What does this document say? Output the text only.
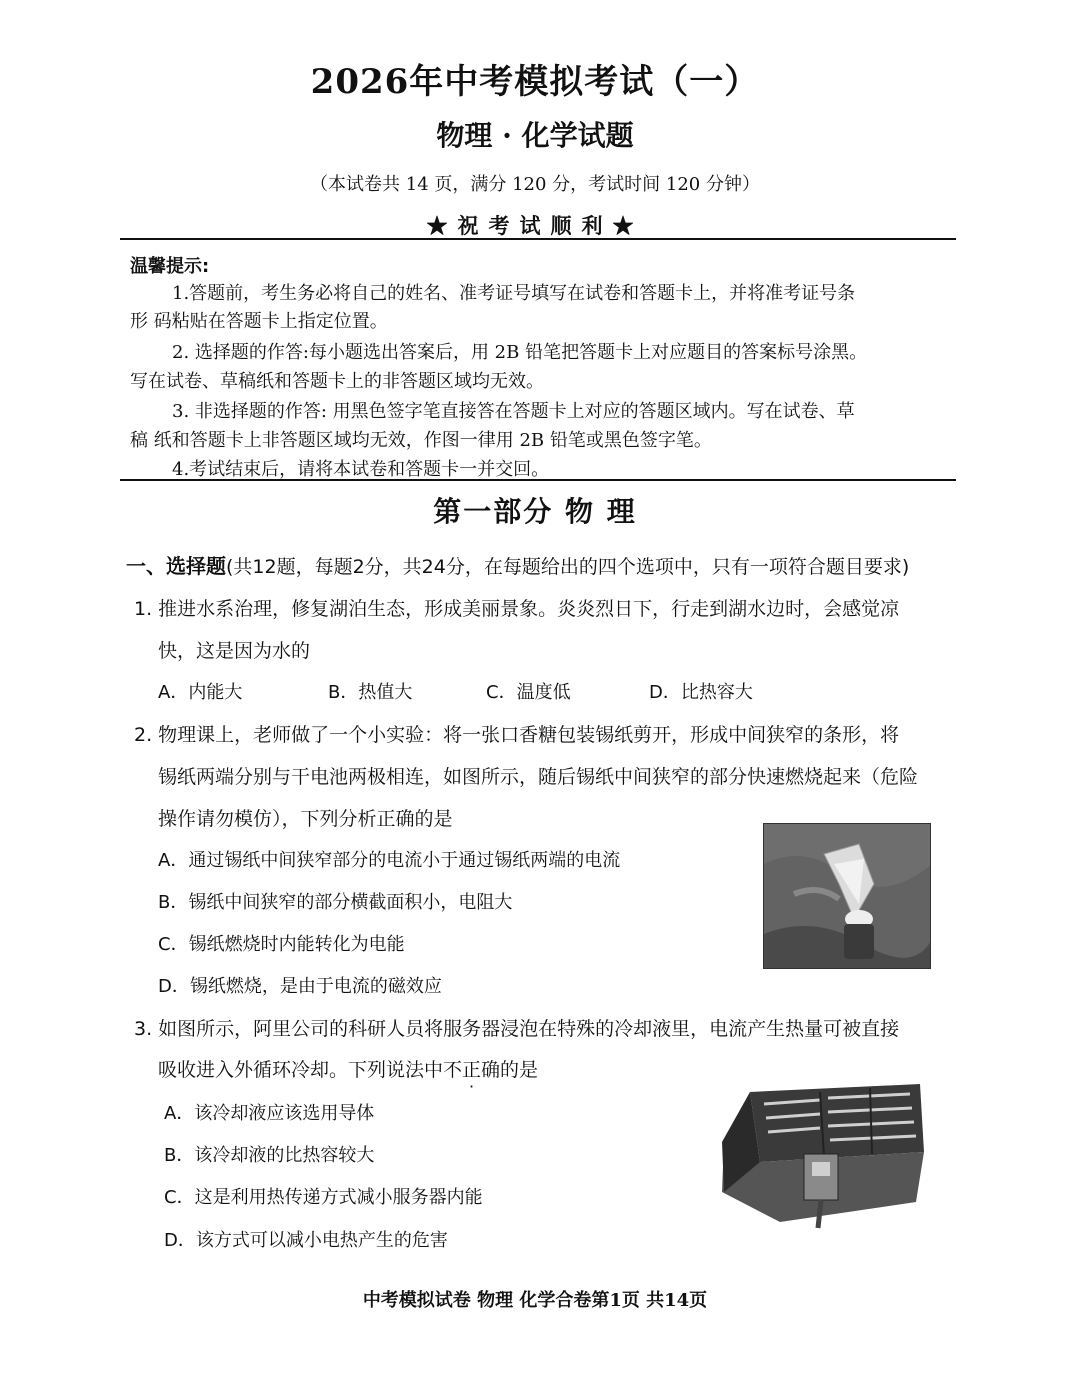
2026年中考模拟考试（一）
物理 · 化学试题
（本试卷共 14 页，满分 120 分，考试时间 120 分钟）
★祝考试顺利★
温馨提示:
1.答题前，考生务必将自己的姓名、准考证号填写在试卷和答题卡上，并将准考证号条
形 码粘贴在答题卡上指定位置。
2. 选择题的作答:每小题选出答案后，用 2B 铅笔把答题卡上对应题目的答案标号涂黑。
写在试卷、草稿纸和答题卡上的非答题区域均无效。
3. 非选择题的作答: 用黑色签字笔直接答在答题卡上对应的答题区域内。写在试卷、草
稿 纸和答题卡上非答题区域均无效，作图一律用 2B 铅笔或黑色签字笔。
4.考试结束后，请将本试卷和答题卡一并交回。
第一部分 物 理
一、选择题(共12题，每题2分，共24分，在每题给出的四个选项中，只有一项符合题目要求)
1. 推进水系治理，修复湖泊生态，形成美丽景象。炎炎烈日下，行走到湖水边时，会感觉凉
快，这是因为水的
A．内能大	B．热值大	C．温度低	D．比热容大
2. 物理课上，老师做了一个小实验：将一张口香糖包装锡纸剪开，形成中间狭窄的条形，将
锡纸两端分别与干电池两极相连，如图所示，随后锡纸中间狭窄的部分快速燃烧起来（危险
操作请勿模仿），下列分析正确的是
A．通过锡纸中间狭窄部分的电流小于通过锡纸两端的电流
B．锡纸中间狭窄的部分横截面积小，电阻大
C．锡纸燃烧时内能转化为电能
D．锡纸燃烧，是由于电流的磁效应
3. 如图所示，阿里公司的科研人员将服务器浸泡在特殊的冷却液里，电流产生热量可被直接
吸收进入外循环冷却。下列说法中不正确的是
A．该冷却液应该选用导体
B．该冷却液的比热容较大
C．这是利用热传递方式减小服务器内能
D．该方式可以减小电热产生的危害
中考模拟试卷 物理 化学合卷第1页 共14页
